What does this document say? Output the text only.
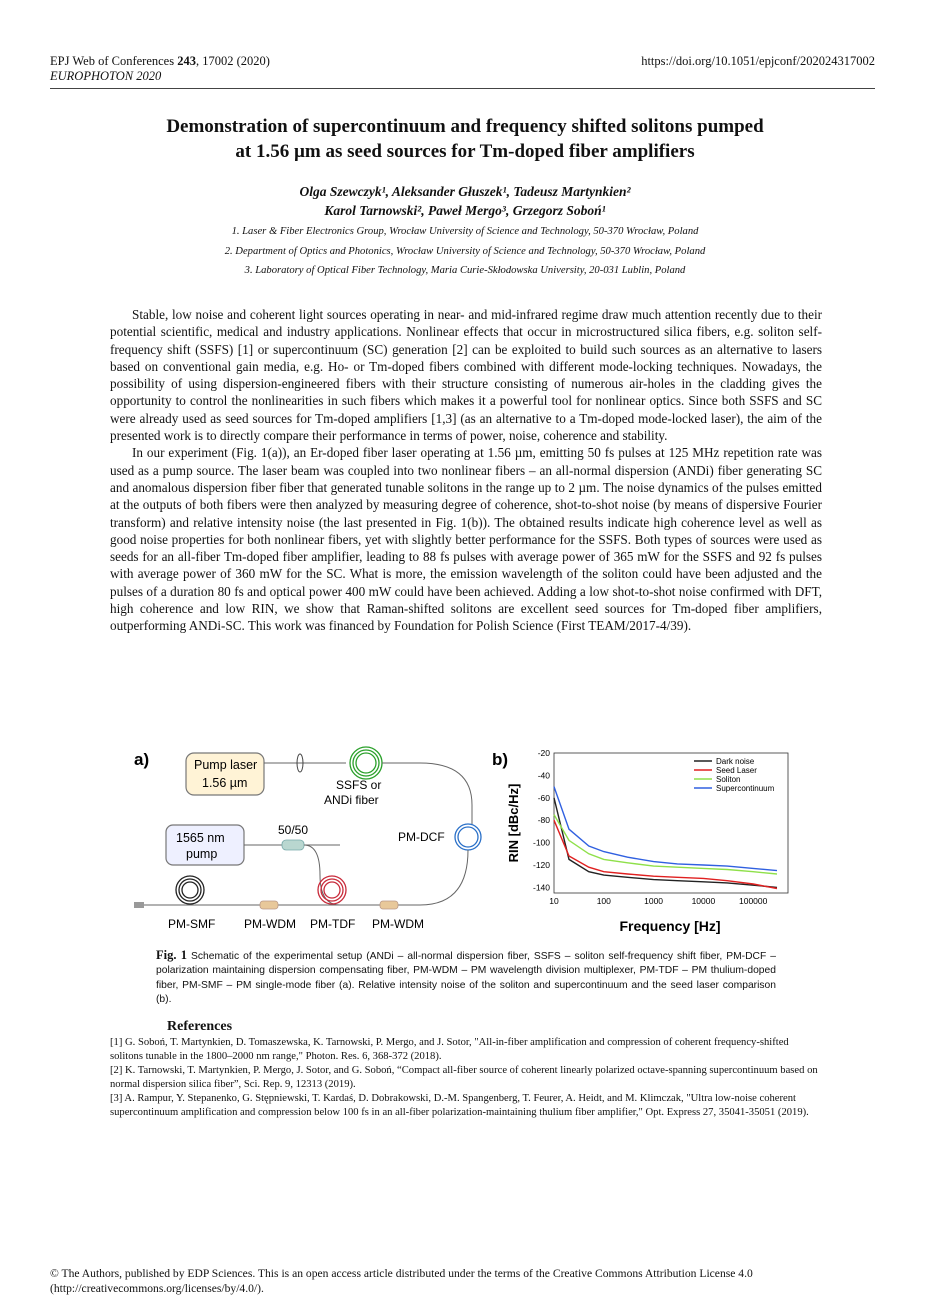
EPJ Web of Conferences 243, 17002 (2020)
EUROPHOTON 2020
https://doi.org/10.1051/epjconf/202024317002
Demonstration of supercontinuum and frequency shifted solitons pumped
at 1.56 µm as seed sources for Tm-doped fiber amplifiers
Olga Szewczyk¹, Aleksander Głuszek¹, Tadeusz Martynkien²
Karol Tarnowski², Paweł Mergo³, Grzegorz Soboń¹
1. Laser & Fiber Electronics Group, Wrocław University of Science and Technology, 50-370 Wrocław, Poland
2. Department of Optics and Photonics, Wrocław University of Science and Technology, 50-370 Wrocław, Poland
3. Laboratory of Optical Fiber Technology, Maria Curie-Skłodowska University, 20-031 Lublin, Poland

Stable, low noise and coherent light sources operating in near- and mid-infrared regime draw much attention recently due to their potential scientific, medical and industry applications. Nonlinear effects that occur in microstructured silica fibers, e.g. soliton self-frequency shift (SSFS) [1] or supercontinuum (SC) generation [2] can be exploited to build such sources as an alternative to lasers based on conventional gain media, e.g. Ho- or Tm-doped fibers combined with different mode-locking techniques. Nowadays, the possibility of using dispersion-engineered fibers with their structure consisting of numerous air-holes in the cladding gives the opportunity to control the nonlinearities in such fibers which makes it a powerful tool for nonlinear optics. Since both SSFS and SC were already used as seed sources for Tm-doped amplifiers [1,3] (as an alternative to a Tm-doped mode-locked laser), the aim of the presented work is to directly compare their performance in terms of power, noise, coherence and stability.

In our experiment (Fig. 1(a)), an Er-doped fiber laser operating at 1.56 µm, emitting 50 fs pulses at 125 MHz repetition rate was used as a pump source. The laser beam was coupled into two nonlinear fibers – an all-normal dispersion (ANDi) fiber generating SC and anomalous dispersion fiber fiber that generated tunable solitons in the range up to 2 µm. The noise dynamics of the pulses emitted at the outputs of both fibers were then analyzed by measuring degree of coherence, shot-to-shot noise (by means of dispersive Fourier transform) and relative intensity noise (the last presented in Fig. 1(b)). The obtained results indicate high coherence level as well as good noise properties for both nonlinear fibers, yet with slightly better performance for the SSFS. Both types of sources were used as seeds for an all-fiber Tm-doped fiber amplifier, leading to 88 fs pulses with average power of 365 mW for the SSFS and 92 fs pulses with average power of 360 mW for the SC. What is more, the emission wavelength of the soliton could have been adjusted and the pulses of a duration 80 fs and optical power 400 mW could have been achieved. Adding a low shot-to-shot noise confirmed with DFT, high coherence and low RIN, we show that Raman-shifted solitons are excellent seed sources for Tm-doped fiber amplifiers, outperforming ANDi-SC. This work was financed by Foundation for Polish Science (First TEAM/2017-4/39).

a)	Pump laser
1.56 µm	SSFS or
ANDi fiber
PM-DCF
1565 nm
pump
50/50
PM-SMF PM-WDM PM-TDF PM-WDM
b)	-20
-40
-60
-80
-100
-120
-140
10	100	1000	10000	100000
Dark noise
Seed Laser
Soliton
Supercontinuum
RIN [dBc/Hz]
Frequency [Hz]
Fig. 1 Schematic of the experimental setup (ANDi – all-normal dispersion fiber, SSFS – soliton self-frequency shift fiber, PM-DCF – polarization maintaining dispersion compensating fiber, PM-WDM – PM wavelength division multiplexer, PM-TDF – PM thulium-doped fiber, PM-SMF – PM single-mode fiber (a). Relative intensity noise of the soliton and supercontinuum and the seed laser comparison (b).
References
[1] G. Soboń, T. Martynkien, D. Tomaszewska, K. Tarnowski, P. Mergo, and J. Sotor, "All-in-fiber amplification and compression of coherent frequency-shifted solitons tunable in the 1800–2000 nm range," Photon. Res. 6, 368-372 (2018).
[2] K. Tarnowski, T. Martynkien, P. Mergo, J. Sotor, and G. Soboń, “Compact all-fiber source of coherent linearly polarized octave-spanning supercontinuum based on normal dispersion silica fiber”, Sci. Rep. 9, 12313 (2019).
[3] A. Rampur, Y. Stepanenko, G. Stępniewski, T. Kardaś, D. Dobrakowski, D.-M. Spangenberg, T. Feurer, A. Heidt, and M. Klimczak, "Ultra low-noise coherent supercontinuum amplification and compression below 100 fs in an all-fiber polarization-maintaining thulium fiber amplifier," Opt. Express 27, 35041-35051 (2019).
© The Authors, published by EDP Sciences. This is an open access article distributed under the terms of the Creative Commons Attribution License 4.0
(http://creativecommons.org/licenses/by/4.0/).
